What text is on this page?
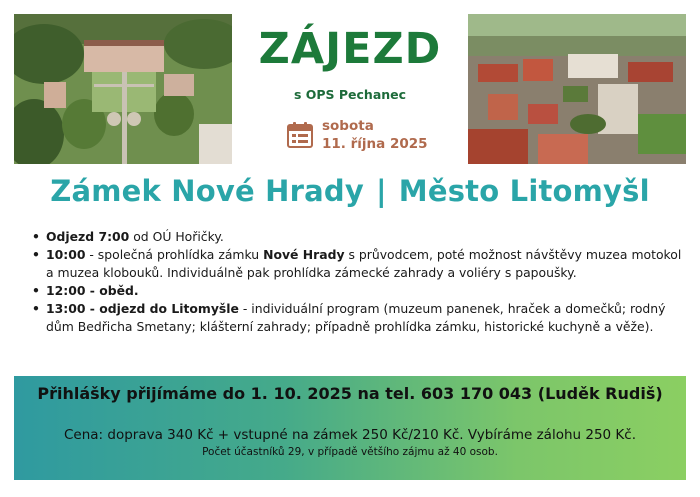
ZÁJEZD
s OPS Pechanec
sobota
11. října 2025
Zámek Nové Hrady | Město Litomyšl
• Odjezd 7:00 od OÚ Hořičky.
• 10:00 - společná prohlídka zámku Nové Hrady s průvodcem, poté možnost návštěvy muzea motokol a muzea klobouků. Individuálně pak prohlídka zámecké zahrady a voliéry s papoušky.
• 12:00 - oběd.
• 13:00 - odjezd do Litomyšle - individuální program (muzeum panenek, hraček a domečků; rodný dům Bedřicha Smetany; klášterní zahrady; případně prohlídka zámku, historické kuchyně a věže).
Přihlášky přijímáme do 1. 10. 2025 na tel. 603 170 043 (Luděk Rudiš)
Cena: doprava 340 Kč + vstupné na zámek 250 Kč/210 Kč. Vybíráme zálohu 250 Kč.
Počet účastníků 29, v případě většího zájmu až 40 osob.
